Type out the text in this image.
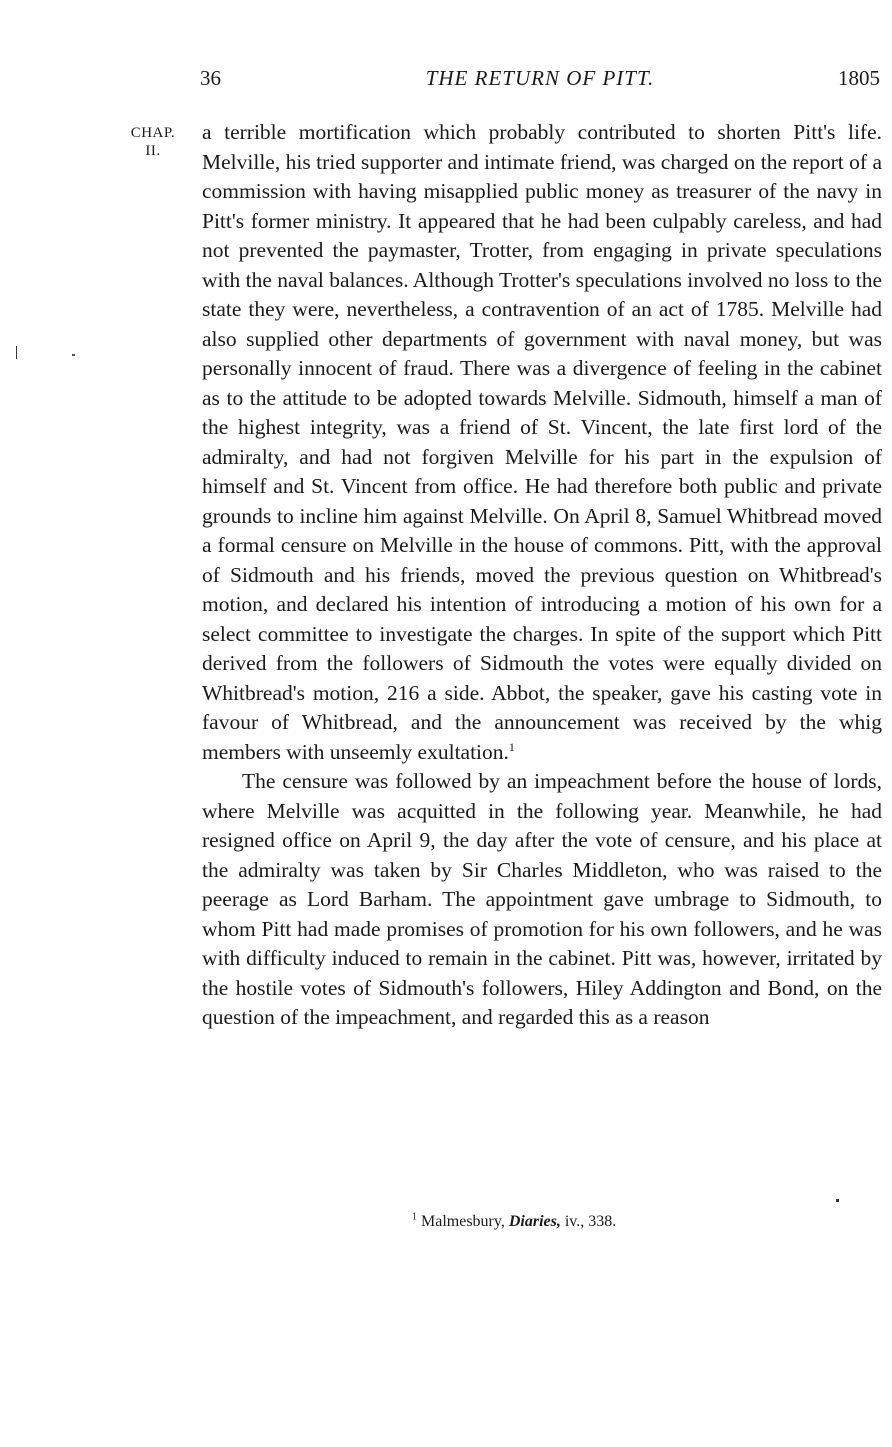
36	THE RETURN OF PITT.	1805
CHAP.
II.

a terrible mortification which probably contributed to shorten Pitt's life. Melville, his tried supporter and intimate friend, was charged on the report of a commission with having misapplied public money as treasurer of the navy in Pitt's former ministry. It appeared that he had been culpably careless, and had not prevented the paymaster, Trotter, from engaging in private speculations with the naval balances. Although Trotter's speculations involved no loss to the state they were, nevertheless, a contravention of an act of 1785. Melville had also supplied other departments of government with naval money, but was personally innocent of fraud. There was a divergence of feeling in the cabinet as to the attitude to be adopted towards Melville. Sidmouth, himself a man of the highest integrity, was a friend of St. Vincent, the late first lord of the admiralty, and had not forgiven Melville for his part in the expulsion of himself and St. Vincent from office. He had therefore both public and private grounds to incline him against Melville. On April 8, Samuel Whitbread moved a formal censure on Melville in the house of commons. Pitt, with the approval of Sidmouth and his friends, moved the previous question on Whitbread's motion, and declared his intention of introducing a motion of his own for a select committee to investigate the charges. In spite of the support which Pitt derived from the followers of Sidmouth the votes were equally divided on Whitbread's motion, 216 a side. Abbot, the speaker, gave his casting vote in favour of Whitbread, and the announcement was received by the whig members with unseemly exultation.$^1$

The censure was followed by an impeachment before the house of lords, where Melville was acquitted in the following year. Meanwhile, he had resigned office on April 9, the day after the vote of censure, and his place at the admiralty was taken by Sir Charles Middleton, who was raised to the peerage as Lord Barham. The appointment gave umbrage to Sidmouth, to whom Pitt had made promises of promotion for his own followers, and he was with difficulty induced to remain in the cabinet. Pitt was, however, irritated by the hostile votes of Sidmouth's followers, Hiley Addington and Bond, on the question of the impeachment, and regarded this as a reason

$^1$ Malmesbury, Diaries, iv., 338.
